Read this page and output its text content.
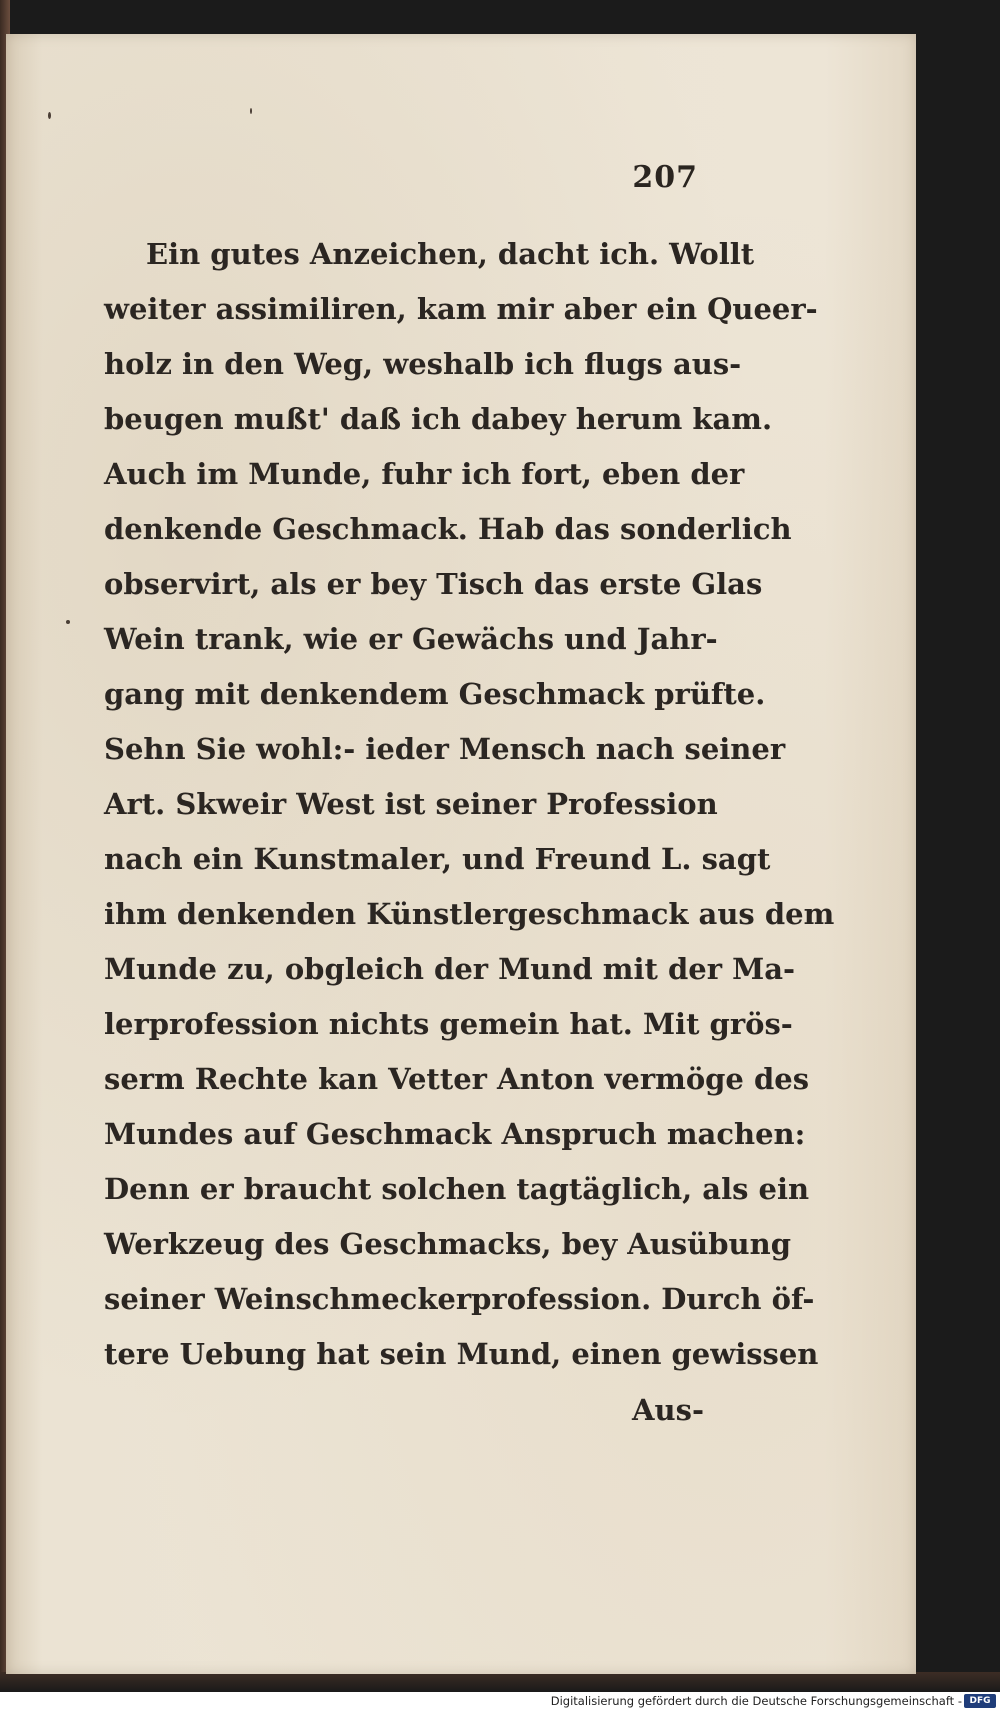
207
Ein gutes Anzeichen, dacht ich. Wollt
weiter assimiliren, kam mir aber ein Queer-
holz in den Weg, weshalb ich flugs aus-
beugen mußt' daß ich dabey herum kam.
Auch im Munde, fuhr ich fort, eben der
denkende Geschmack. Hab das sonderlich
observirt, als er bey Tisch das erste Glas
Wein trank, wie er Gewächs und Jahr-
gang mit denkendem Geschmack prüfte.
Sehn Sie wohl:- ieder Mensch nach seiner
Art. Skweir West ist seiner Profession
nach ein Kunstmaler, und Freund L. sagt
ihm denkenden Künstlergeschmack aus dem
Munde zu, obgleich der Mund mit der Ma-
lerprofession nichts gemein hat. Mit grös-
serm Rechte kan Vetter Anton vermöge des
Mundes auf Geschmack Anspruch machen:
Denn er braucht solchen tagtäglich, als ein
Werkzeug des Geschmacks, bey Ausübung
seiner Weinschmeckerprofession. Durch öf-
tere Uebung hat sein Mund, einen gewissen
Aus-
Digitalisierung gefördert durch die Deutsche Forschungsgemeinschaft - DFG
